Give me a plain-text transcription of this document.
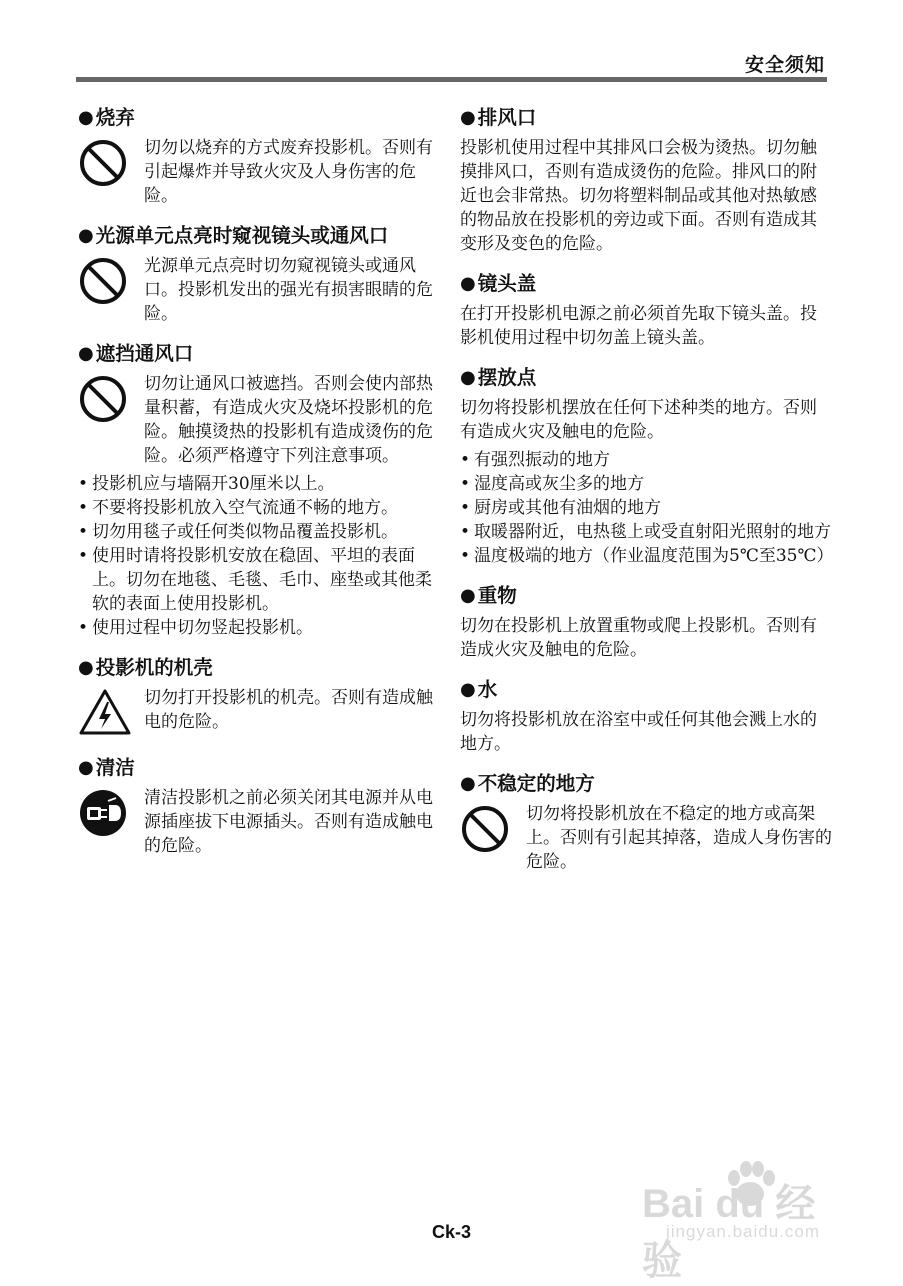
安全须知
● 烧弃
切勿以烧弃的方式废弃投影机。否则有引起爆炸并导致火灾及人身伤害的危险。
● 光源单元点亮时窥视镜头或通风口
光源单元点亮时切勿窥视镜头或通风口。投影机发出的强光有损害眼睛的危险。
● 遮挡通风口
切勿让通风口被遮挡。否则会使内部热量积蓄，有造成火灾及烧坏投影机的危险。触摸烫热的投影机有造成烫伤的危险。必须严格遵守下列注意事项。
• 投影机应与墙隔开30厘米以上。
• 不要将投影机放入空气流通不畅的地方。
• 切勿用毯子或任何类似物品覆盖投影机。
• 使用时请将投影机安放在稳固、平坦的表面上。切勿在地毯、毛毯、毛巾、座垫或其他柔软的表面上使用投影机。
• 使用过程中切勿竖起投影机。
● 投影机的机壳
切勿打开投影机的机壳。否则有造成触电的危险。
● 清洁
清洁投影机之前必须关闭其电源并从电源插座拔下电源插头。否则有造成触电的危险。
● 排风口
投影机使用过程中其排风口会极为烫热。切勿触摸排风口，否则有造成烫伤的危险。排风口的附近也会非常热。切勿将塑料制品或其他对热敏感的物品放在投影机的旁边或下面。否则有造成其变形及变色的危险。
● 镜头盖
在打开投影机电源之前必须首先取下镜头盖。投影机使用过程中切勿盖上镜头盖。
● 摆放点
切勿将投影机摆放在任何下述种类的地方。否则有造成火灾及触电的危险。
• 有强烈振动的地方
• 湿度高或灰尘多的地方
• 厨房或其他有油烟的地方
• 取暖器附近，电热毯上或受直射阳光照射的地方
• 温度极端的地方（作业温度范围为5℃至35℃）
● 重物
切勿在投影机上放置重物或爬上投影机。否则有造成火灾及触电的危险。
● 水
切勿将投影机放在浴室中或任何其他会溅上水的地方。
● 不稳定的地方
切勿将投影机放在不稳定的地方或高架上。否则有引起其掉落，造成人身伤害的危险。
Bai du 经验
jingyan.baidu.com
Ck-3
